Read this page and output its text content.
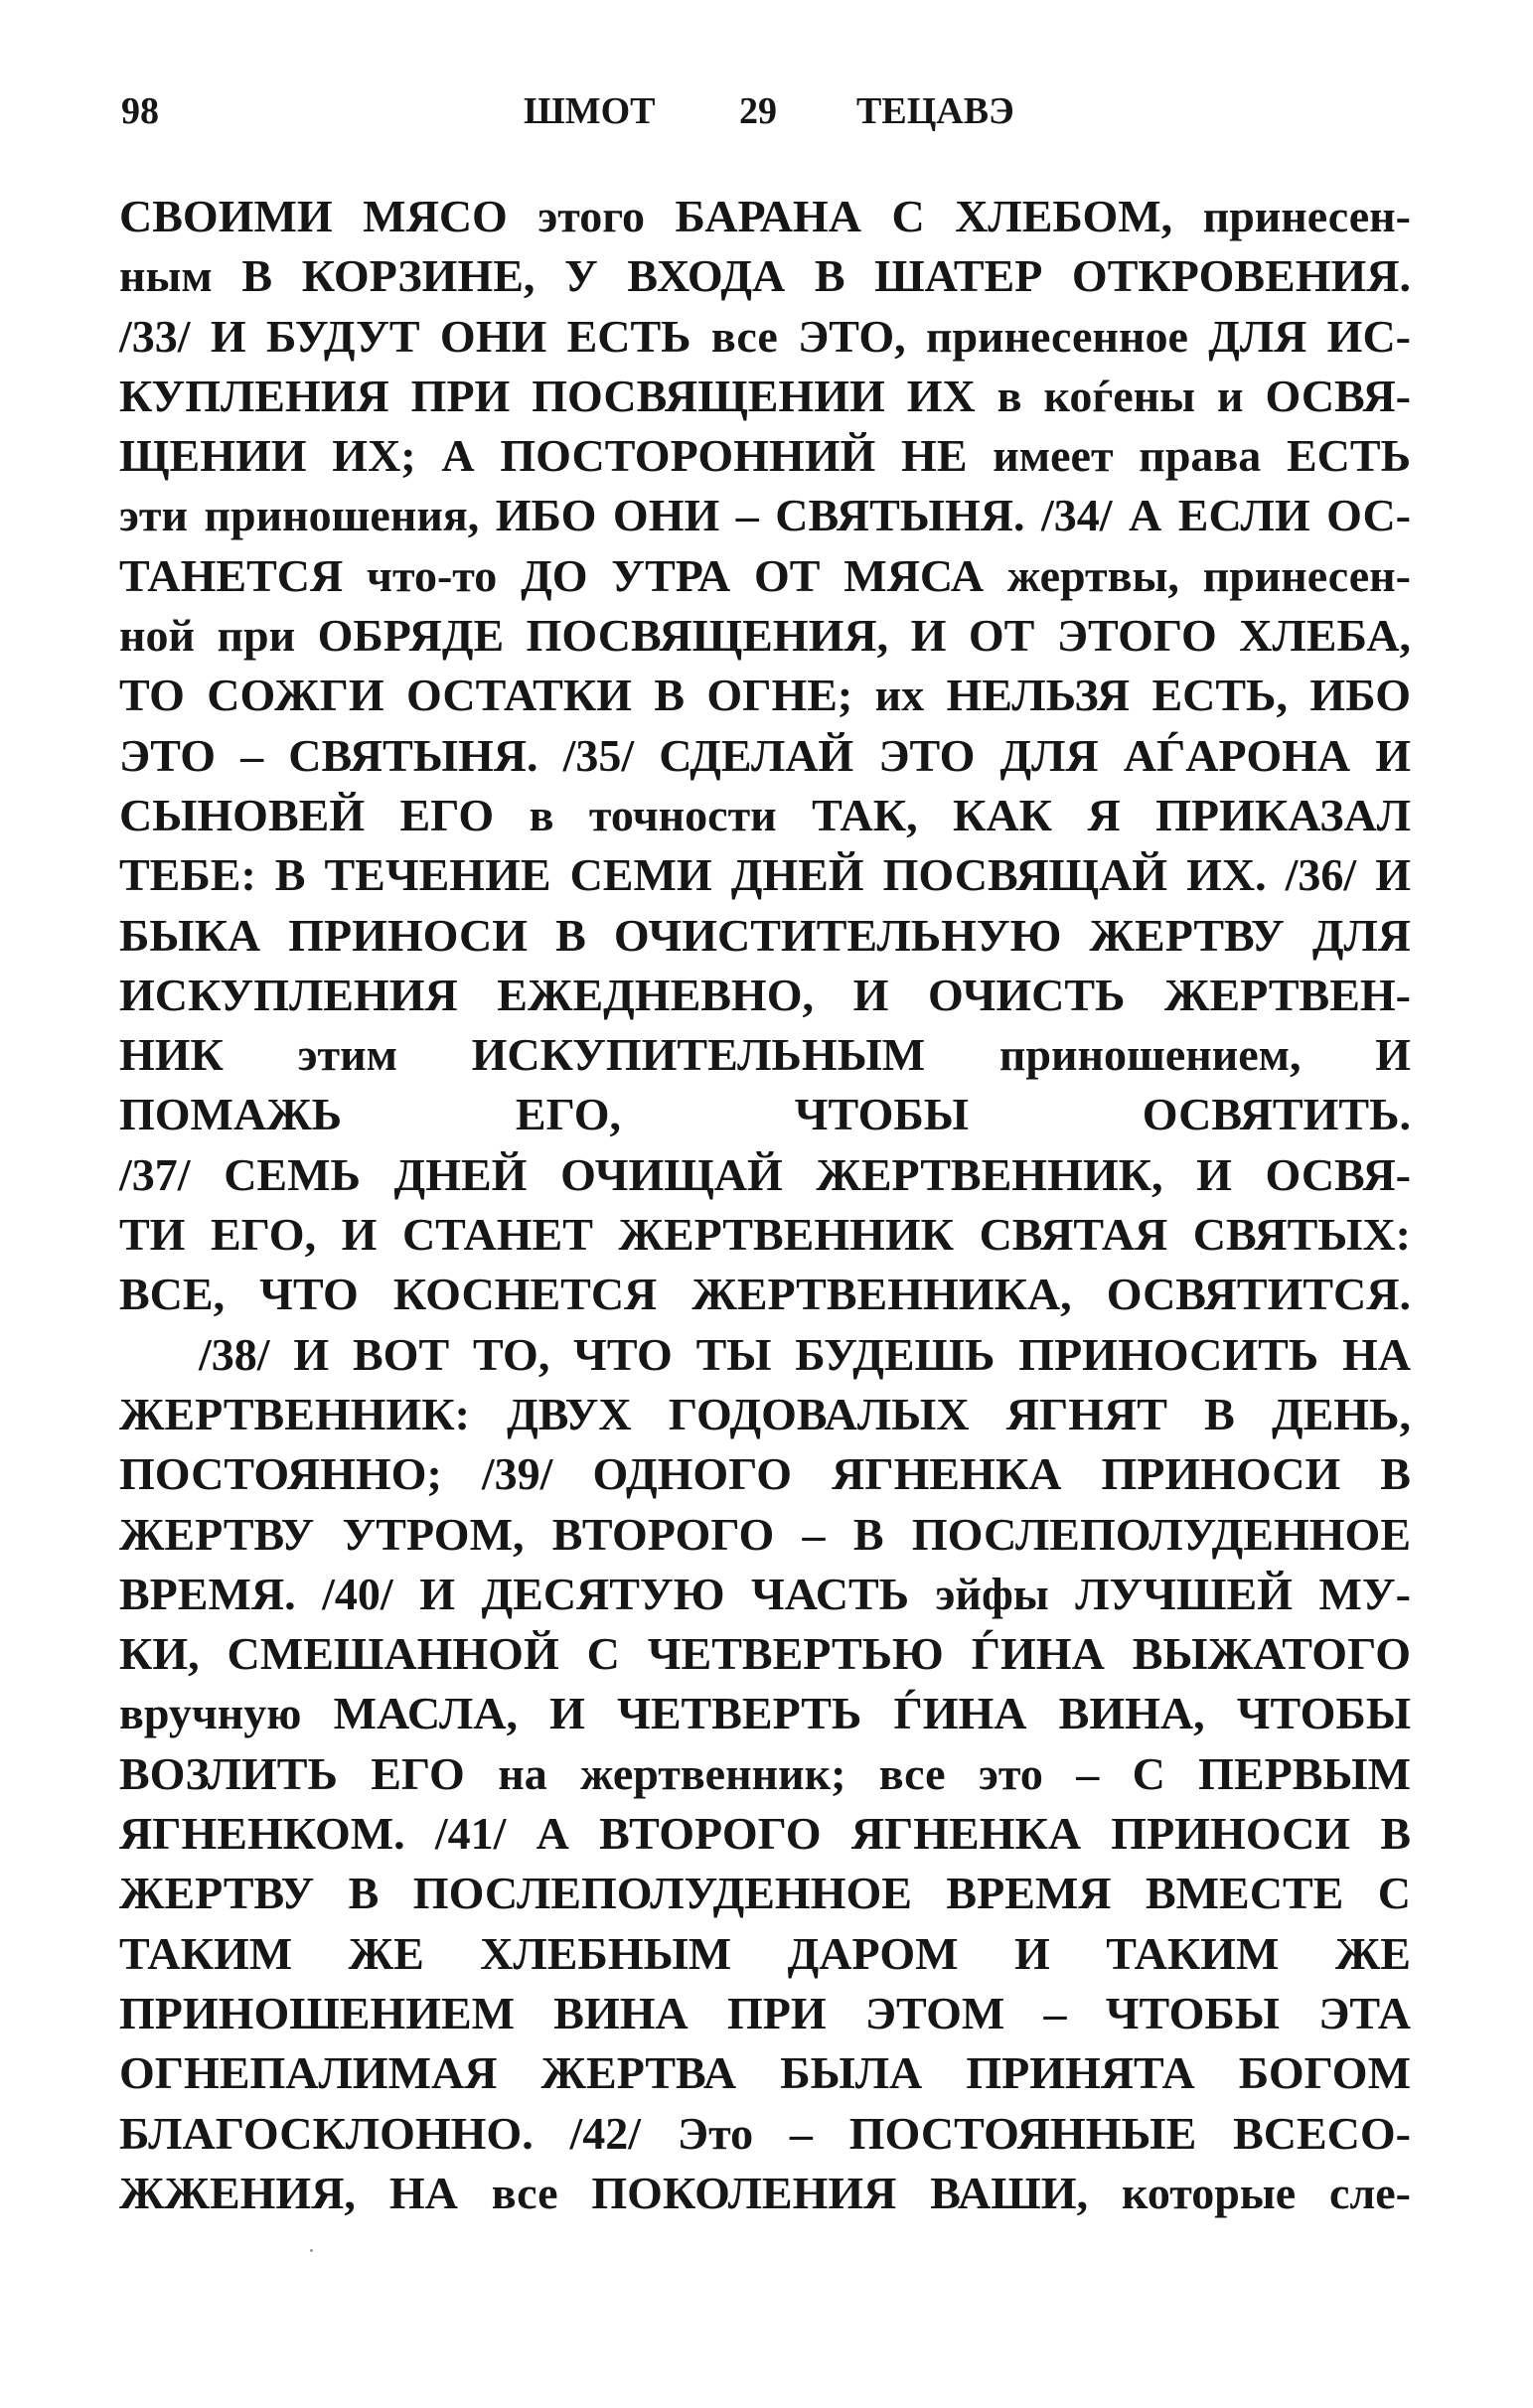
98	ШМОТ 29 ТЕЦАВЭ
СВОИМИ МЯСО этого БАРАНА С ХЛЕБОМ, принесен-
ным В КОРЗИНЕ, У ВХОДА В ШАТЕР ОТКРОВЕНИЯ.
/33/ И БУДУТ ОНИ ЕСТЬ все ЭТО, принесенное ДЛЯ ИС-
КУПЛЕНИЯ ПРИ ПОСВЯЩЕНИИ ИХ в коѓены и ОСВЯ-
ЩЕНИИ ИХ; А ПОСТОРОННИЙ НЕ имеет права ЕСТЬ
эти приношения, ИБО ОНИ – СВЯТЫНЯ. /34/ А ЕСЛИ ОС-
ТАНЕТСЯ что-то ДО УТРА ОТ МЯСА жертвы, принесен-
ной при ОБРЯДЕ ПОСВЯЩЕНИЯ, И ОТ ЭТОГО ХЛЕБА,
ТО СОЖГИ ОСТАТКИ В ОГНЕ; их НЕЛЬЗЯ ЕСТЬ, ИБО
ЭТО – СВЯТЫНЯ. /35/ СДЕЛАЙ ЭТО ДЛЯ АЃАРОНА И
СЫНОВЕЙ ЕГО в точности ТАК, КАК Я ПРИКАЗАЛ
ТЕБЕ: В ТЕЧЕНИЕ СЕМИ ДНЕЙ ПОСВЯЩАЙ ИХ. /36/ И
БЫКА ПРИНОСИ В ОЧИСТИТЕЛЬНУЮ ЖЕРТВУ ДЛЯ
ИСКУПЛЕНИЯ ЕЖЕДНЕВНО, И ОЧИСТЬ ЖЕРТВЕН-
НИК этим ИСКУПИТЕЛЬНЫМ приношением, И
ПОМАЖЬ ЕГО, ЧТОБЫ ОСВЯТИТЬ.
/37/ СЕМЬ ДНЕЙ ОЧИЩАЙ ЖЕРТВЕННИК, И ОСВЯ-
ТИ ЕГО, И СТАНЕТ ЖЕРТВЕННИК СВЯТАЯ СВЯТЫХ:
ВСЕ, ЧТО КОСНЕТСЯ ЖЕРТВЕННИКА, ОСВЯТИТСЯ.
/38/ И ВОТ ТО, ЧТО ТЫ БУДЕШЬ ПРИНОСИТЬ НА
ЖЕРТВЕННИК: ДВУХ ГОДОВАЛЫХ ЯГНЯТ В ДЕНЬ,
ПОСТОЯННО; /39/ ОДНОГО ЯГНЕНКА ПРИНОСИ В
ЖЕРТВУ УТРОМ, ВТОРОГО – В ПОСЛЕПОЛУДЕННОЕ
ВРЕМЯ. /40/ И ДЕСЯТУЮ ЧАСТЬ эйфы ЛУЧШЕЙ МУ-
КИ, СМЕШАННОЙ С ЧЕТВЕРТЬЮ ЃИНА ВЫЖАТОГО
вручную МАСЛА, И ЧЕТВЕРТЬ ЃИНА ВИНА, ЧТОБЫ
ВОЗЛИТЬ ЕГО на жертвенник; все это – С ПЕРВЫМ
ЯГНЕНКОМ. /41/ А ВТОРОГО ЯГНЕНКА ПРИНОСИ В
ЖЕРТВУ В ПОСЛЕПОЛУДЕННОЕ ВРЕМЯ ВМЕСТЕ С
ТАКИМ ЖЕ ХЛЕБНЫМ ДАРОМ И ТАКИМ ЖЕ
ПРИНОШЕНИЕМ ВИНА ПРИ ЭТОМ – ЧТОБЫ ЭТА
ОГНЕПАЛИМАЯ ЖЕРТВА БЫЛА ПРИНЯТА БОГОМ
БЛАГОСКЛОННО. /42/ Это – ПОСТОЯННЫЕ ВСЕСО-
ЖЖЕНИЯ, НА все ПОКОЛЕНИЯ ВАШИ, которые сле-
